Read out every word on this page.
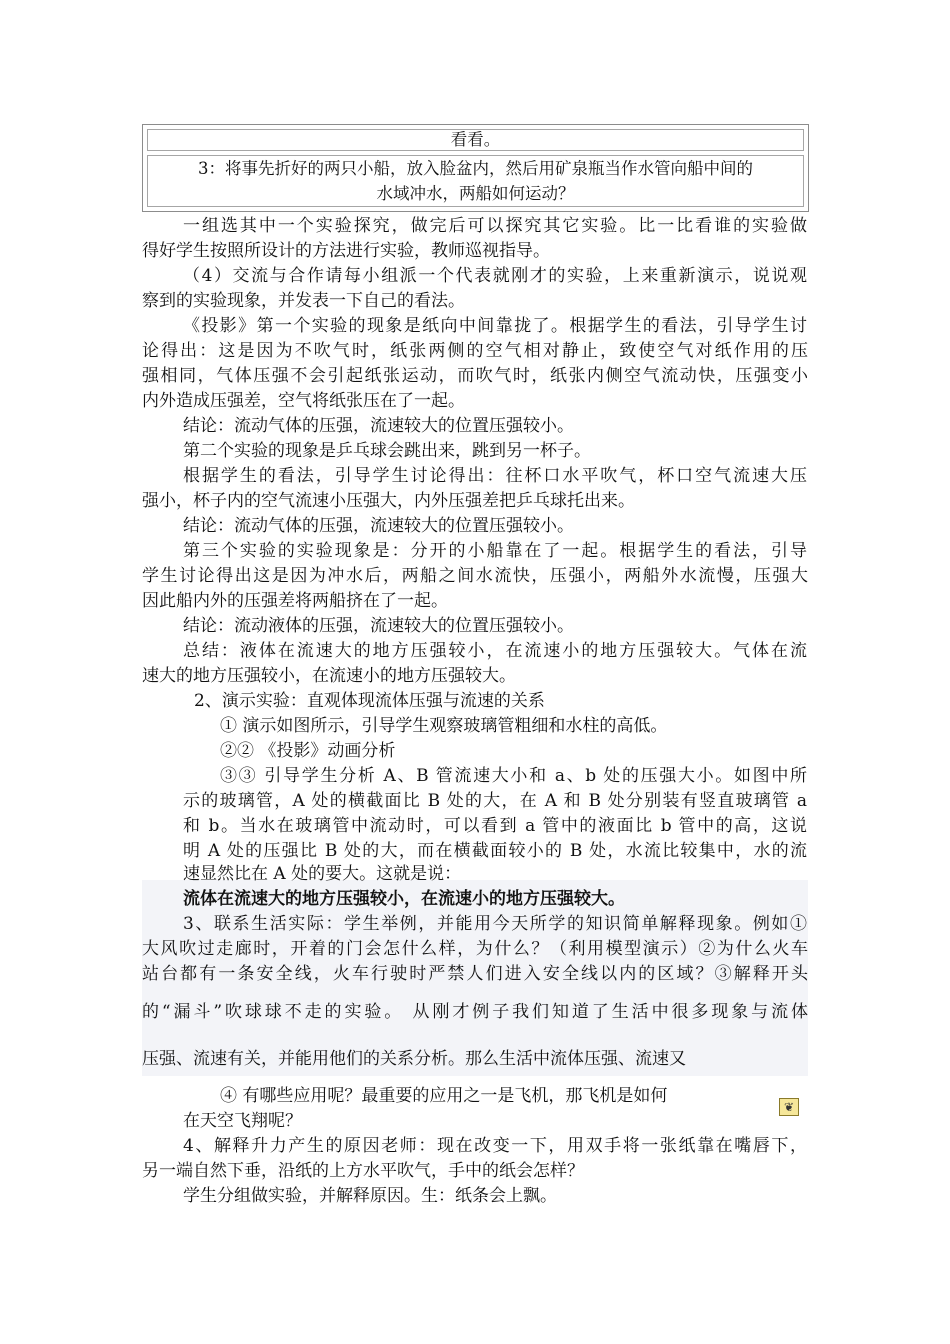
看看。
3：将事先折好的两只小船，放入脸盆内，然后用矿泉瓶当作水管向船中间的
水域冲水，两船如何运动？
一组选其中一个实验探究，做完后可以探究其它实验。比一比看谁的实验做
得好学生按照所设计的方法进行实验，教师巡视指导。
（4）交流与合作请每小组派一个代表就刚才的实验，上来重新演示，说说观
察到的实验现象，并发表一下自己的看法。
《投影》第一个实验的现象是纸向中间靠拢了。根据学生的看法，引导学生讨
论得出：这是因为不吹气时，纸张两侧的空气相对静止，致使空气对纸作用的压
强相同，气体压强不会引起纸张运动，而吹气时，纸张内侧空气流动快，压强变小
内外造成压强差，空气将纸张压在了一起。
结论：流动气体的压强，流速较大的位置压强较小。
第二个实验的现象是乒乓球会跳出来，跳到另一杯子。
根据学生的看法，引导学生讨论得出：往杯口水平吹气，杯口空气流速大压
强小，杯子内的空气流速小压强大，内外压强差把乒乓球托出来。
结论：流动气体的压强，流速较大的位置压强较小。
第三个实验的实验现象是：分开的小船靠在了一起。根据学生的看法，引导
学生讨论得出这是因为冲水后，两船之间水流快，压强小，两船外水流慢，压强大
因此船内外的压强差将两船挤在了一起。
结论：流动液体的压强，流速较大的位置压强较小。
总结：液体在流速大的地方压强较小，在流速小的地方压强较大。气体在流
速大的地方压强较小，在流速小的地方压强较大。
2、演示实验：直观体现流体压强与流速的关系
① 演示如图所示，引导学生观察玻璃管粗细和水柱的高低。
②② 《投影》动画分析
③③ 引导学生分析 A、B 管流速大小和 a、b 处的压强大小。如图中所
示的玻璃管，A 处的横截面比 B 处的大，在 A 和 B 处分别装有竖直玻璃管 a
和 b。当水在玻璃管中流动时，可以看到 a 管中的液面比 b 管中的高，这说
明 A 处的压强比 B 处的大，而在横截面较小的 B 处，水流比较集中，水的流
速显然比在 A 处的要大。这就是说：
流体在流速大的地方压强较小，在流速小的地方压强较大。
3、联系生活实际：学生举例，并能用今天所学的知识简单解释现象。例如①
大风吹过走廊时，开着的门会怎什么样，为什么？（利用模型演示）②为什么火车
站台都有一条安全线，火车行驶时严禁人们进入安全线以内的区域？③解释开头
的“漏斗”吹球球不走的实验。 从刚才例子我们知道了生活中很多现象与流体
压强、流速有关，并能用他们的关系分析。那么生活中流体压强、流速又
④ 有哪些应用呢？最重要的应用之一是飞机，那飞机是如何
在天空飞翔呢？
4、解释升力产生的原因老师：现在改变一下，用双手将一张纸靠在嘴唇下，
另一端自然下垂，沿纸的上方水平吹气，手中的纸会怎样？
学生分组做实验，并解释原因。生：纸条会上飘。
❦
